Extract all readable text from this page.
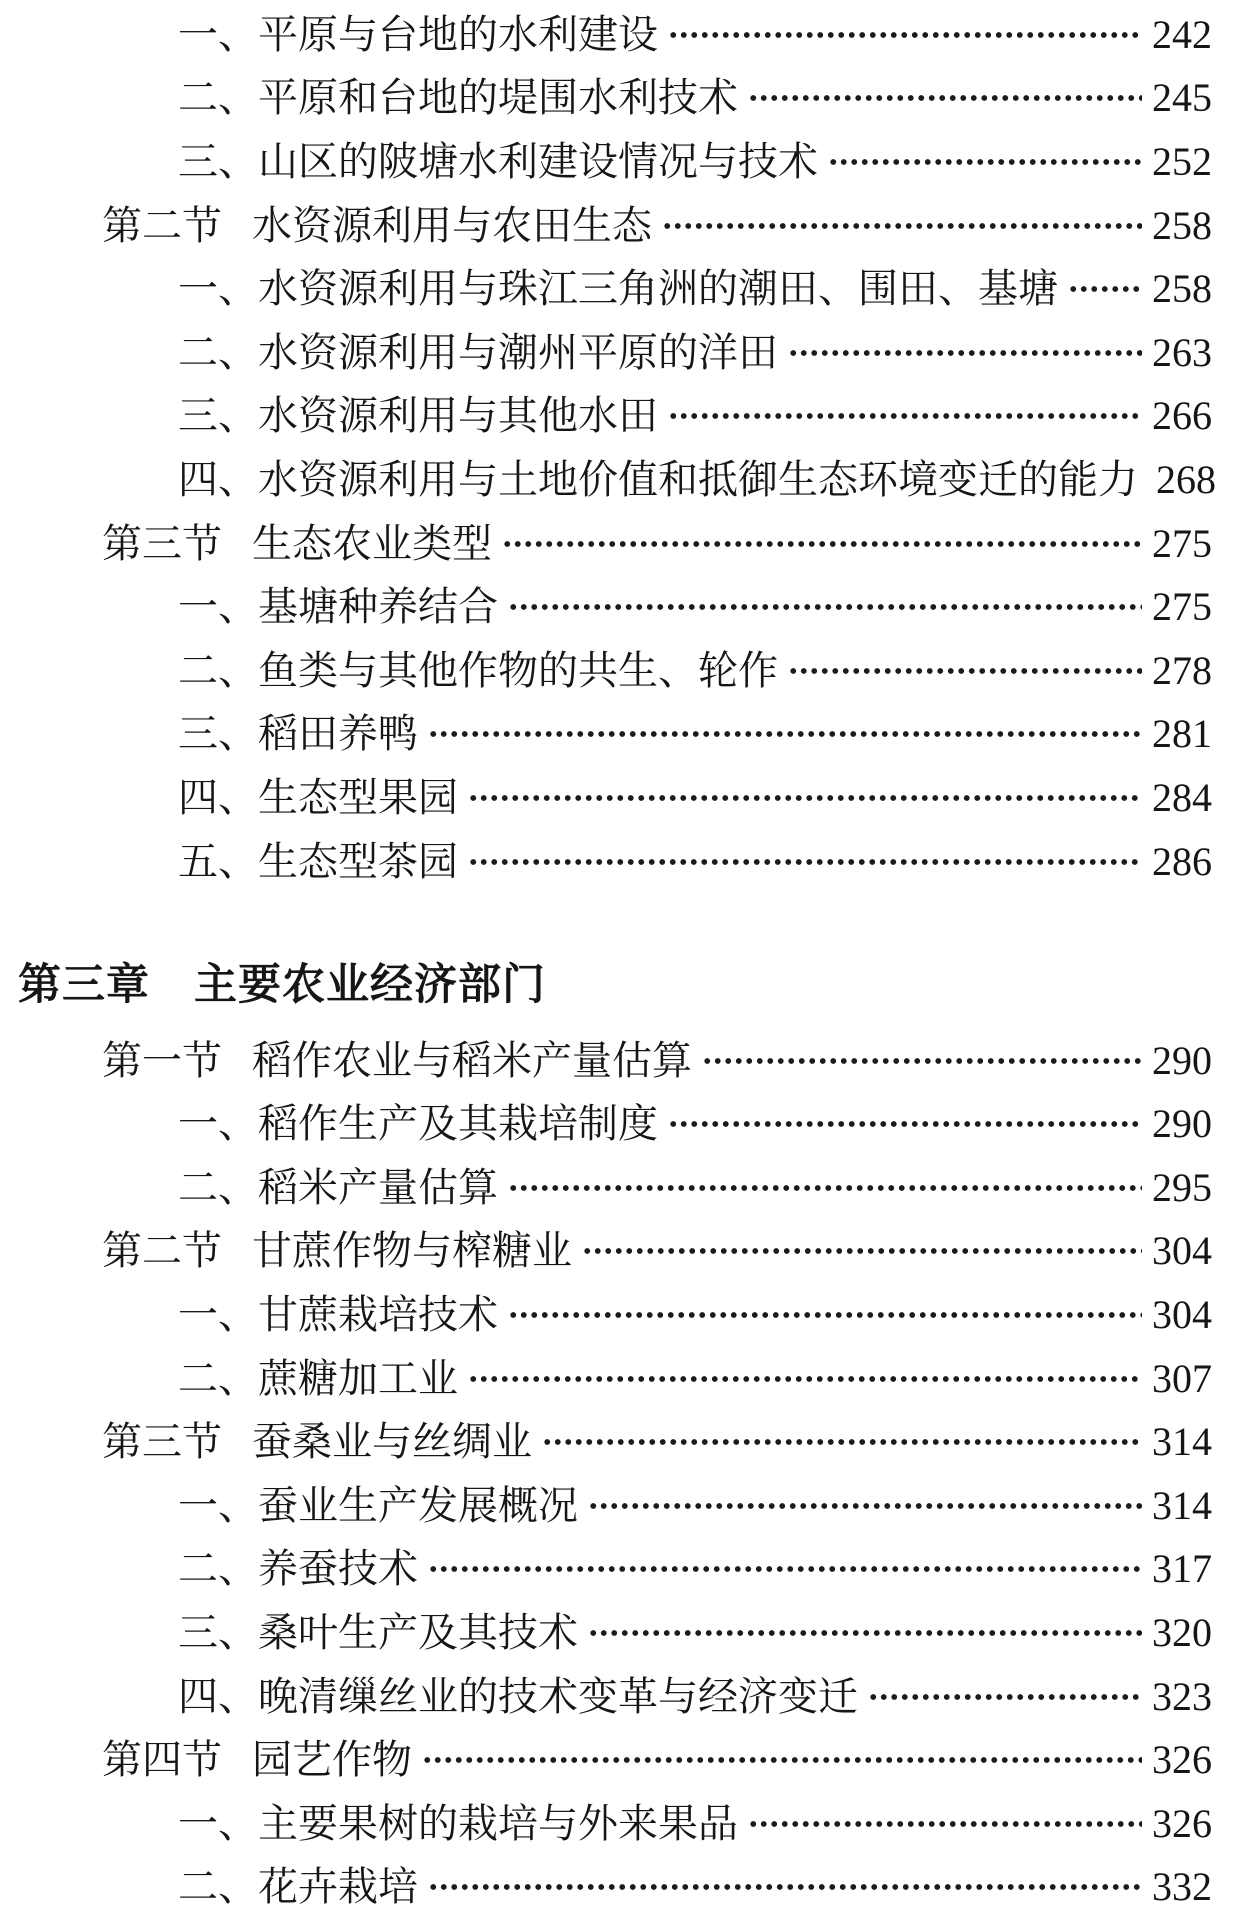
一、 平原与台地的水利建设	242
二、 平原和台地的堤围水利技术	245
三、 山区的陂塘水利建设情况与技术	252
第二节 水资源利用与农田生态	258
一、 水资源利用与珠江三角洲的潮田、围田、基塘 258
二、 水资源利用与潮州平原的洋田	263
三、 水资源利用与其他水田	266
四、 水资源利用与土地价值和抵御生态环境变迁的能力 268
第三节 生态农业类型	275
一、 基塘种养结合	275
二、 鱼类与其他作物的共生、轮作	278
三、 稻田养鸭	281
四、 生态型果园	284
五、 生态型茶园	286
第三章 主要农业经济部门
第一节 稻作农业与稻米产量估算	290
一、 稻作生产及其栽培制度	290
二、 稻米产量估算	295
第二节 甘蔗作物与榨糖业	304
一、 甘蔗栽培技术	304
二、 蔗糖加工业	307
第三节 蚕桑业与丝绸业	314
一、 蚕业生产发展概况	314
二、 养蚕技术	317
三、 桑叶生产及其技术	320
四、 晚清缫丝业的技术变革与经济变迁	323
第四节 园艺作物	326
一、 主要果树的栽培与外来果品	326
二、 花卉栽培	332
